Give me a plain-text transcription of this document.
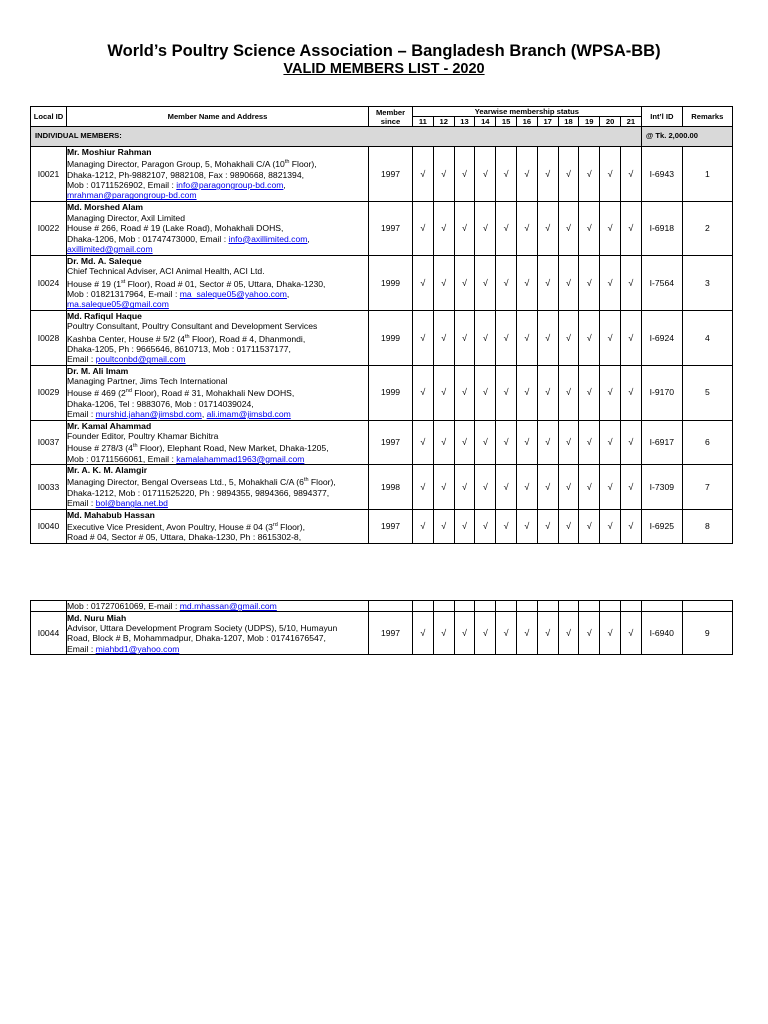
World’s Poultry Science Association – Bangladesh Branch (WPSA-BB)
VALID MEMBERS LIST - 2020
Local ID	Member Name and Address	Member since	Yearwise membership status											Int’l ID	Remarks
			11	12	13	14	15	16	17	18	19	20	21		
INDIVIDUAL MEMBERS:														@ Tk. 2,000.00	
I0021	Mr. Moshiur Rahman
Managing Director, Paragon Group, 5, Mohakhali C/A (10th Floor),
Dhaka-1212, Ph-9882107, 9882108, Fax : 9890668, 8821394,
Mob : 01711526902, Email : info@paragongroup-bd.com,
mrahman@paragongroup-bd.com	1997	√	√	√	√	√	√	√	√	√	√	√	I-6943	1
I0022	Md. Morshed Alam
Managing Director, Axil Limited
House # 266, Road # 19 (Lake Road), Mohakhali DOHS,
Dhaka-1206, Mob : 01747473000, Email : info@axillimited.com,
axillimited@gmail.com	1997	√	√	√	√	√	√	√	√	√	√	√	I-6918	2
I0024	Dr. Md. A. Saleque
Chief Technical Adviser, ACI Animal Health, ACI Ltd.
House # 19 (1st Floor), Road # 01, Sector # 05, Uttara, Dhaka-1230,
Mob : 01821317964, E-mail : ma_saleque05@yahoo.com,
ma.saleque05@gmail.com	1999	√	√	√	√	√	√	√	√	√	√	√	I-7564	3
I0028	Md. Rafiqul Haque
Poultry Consultant, Poultry Consultant and Development Services
Kashba Center, House # 5/2 (4th Floor), Road # 4, Dhanmondi,
Dhaka-1205, Ph : 9665646, 8610713, Mob : 01711537177,
Email : poultconbd@gmail.com	1999	√	√	√	√	√	√	√	√	√	√	√	I-6924	4
I0029	Dr. M. Ali Imam
Managing Partner, Jims Tech International
House # 469 (2nd Floor), Road # 31, Mohakhali New DOHS,
Dhaka-1206, Tel : 9883076, Mob : 01714039024,
Email : murshid.jahan@jimsbd.com, ali.imam@jimsbd.com	1999	√	√	√	√	√	√	√	√	√	√	√	I-9170	5
I0037	Mr. Kamal Ahammad
Founder Editor, Poultry Khamar Bichitra
House # 278/3 (4th Floor), Elephant Road, New Market, Dhaka-1205,
Mob : 01711566061, Email : kamalahammad1963@gmail.com	1997	√	√	√	√	√	√	√	√	√	√	√	I-6917	6
I0033	Mr. A. K. M. Alamgir
Managing Director, Bengal Overseas Ltd., 5, Mohakhali C/A (6th Floor),
Dhaka-1212, Mob : 01711525220, Ph : 9894355, 9894366, 9894377,
Email : bol@bangla.net.bd	1998	√	√	√	√	√	√	√	√	√	√	√	I-7309	7
I0040	Md. Mahabub Hassan
Executive Vice President, Avon Poultry, House # 04 (3rd Floor),
Road # 04, Sector # 05, Uttara, Dhaka-1230, Ph : 8615302-8,	1997	√	√	√	√	√	√	√	√	√	√	√	I-6925	8

	Mob : 01727061069, E-mail : md.mhassan@gmail.com														

I0044	Md. Nuru Miah
Advisor, Uttara Development Program Society (UDPS), 5/10, Humayun
Road, Block # B, Mohammadpur, Dhaka-1207, Mob : 01741676547,
Email : miahbd1@yahoo.com	1997	√	√	√	√	√	√	√	√	√	√	√	I-6940	9
